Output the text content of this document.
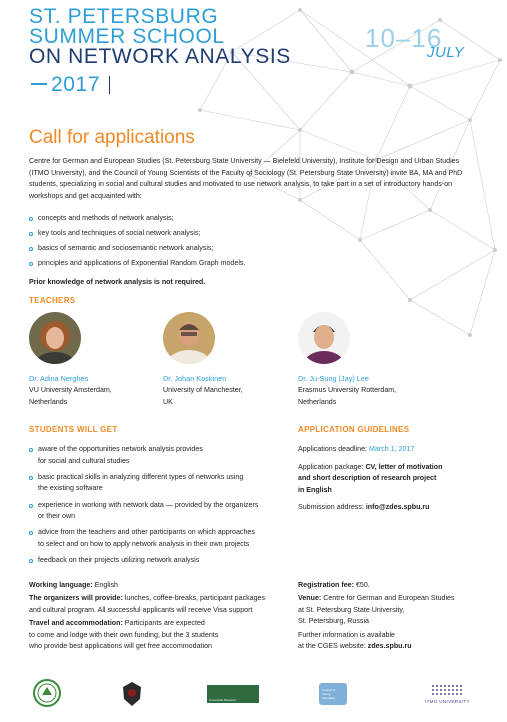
ST. PETERSBURG
SUMMER SCHOOL
ON NETWORK ANALYSIS
2017
10–16
JULY
Call for applications
Centre for German and European Studies (St. Petersburg State University — Bielefeld University), Institute for Design and Urban Studies (ITMO University), and the Council of Young Scientists of the Faculty of Sociology (St. Petersburg State University) invite BA, MA and PhD students, specializing in social and cultural studies and motivated to use network analysis, to take part in a set of introductory hands-on workshops and get acquainted with:
concepts and methods of network analysis;
key tools and techniques of social network analysis;
basics of semantic and sociosemantic network analysis;
principles and applications of Exponential Random Graph models.
Prior knowledge of network analysis is not required.
TEACHERS
Dr. Adina Nerghes
VU University Amsterdam,
Netherlands
Dr. Johan Koskinen
University of Manchester,
UK
Dr. Ju-Sung (Jay) Lee
Erasmus University Rotterdam,
Netherlands
STUDENTS WILL GET
aware of the opportunities network analysis provides
for social and cultural studies
basic practical skills in analyzing different types of networks using
the existing software
experience in working with network data — provided by the organizers
or their own
advice from the teachers and other participants on which approaches
to select and on how to apply network analysis in their own projects
feedback on their projects utilizing network analysis
APPLICATION GUIDELINES

Applications deadline: March 1, 2017

Application package: CV, letter of motivation
and short description of research project
in English

Submission address: info@zdes.spbu.ru

Working language: English

The organizers will provide: lunches, coffee-breaks, participant packages
and cultural program. All successful applicants will receive Visa support

Travel and accommodation: Participants are expected
to come and lodge with their own funding, but the 3 students
who provide best applications will get free accommodation

Registration fee: €50.

Venue: Centre for German and European Studies
at St. Petersburg State University,
St. Petersburg, Russia

Further information is available
at the CGES website: zdes.spbu.ru

Universität Bielefeld
Council of Young Scientists
ITMO UNIVERSITY
